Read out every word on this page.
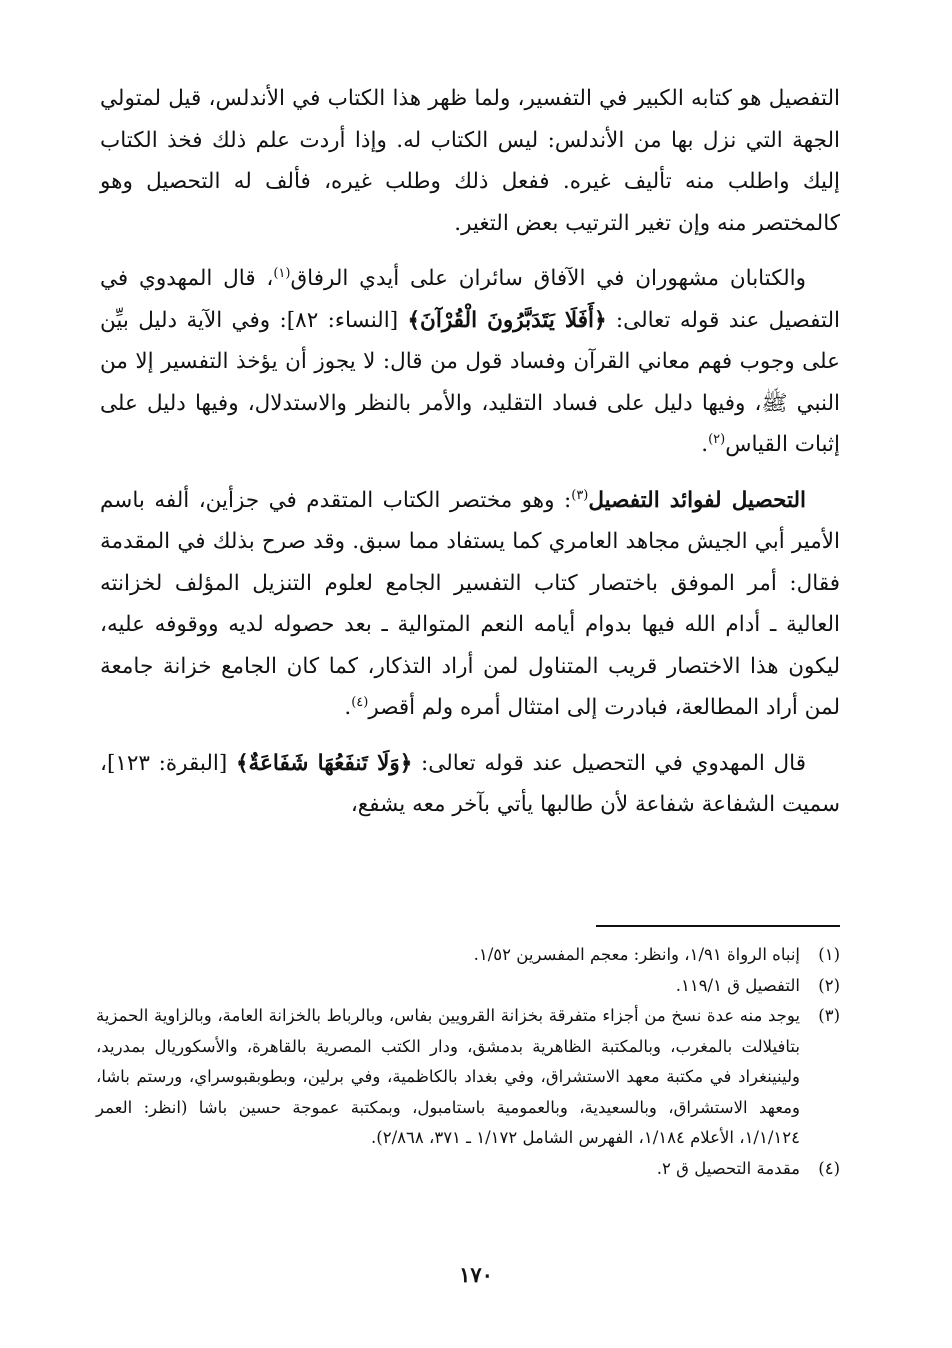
التفصيل هو كتابه الكبير في التفسير، ولما ظهر هذا الكتاب في الأندلس، قيل لمتولي الجهة التي نزل بها من الأندلس: ليس الكتاب له. وإذا أردت علم ذلك فخذ الكتاب إليك واطلب منه تأليف غيره. ففعل ذلك وطلب غيره، فألف له التحصيل وهو كالمختصر منه وإن تغير الترتيب بعض التغير.

والكتابان مشهوران في الآفاق سائران على أيدي الرفاق$^{(١)}$، قال المهدوي في التفصيل عند قوله تعالى: ﴿أَفَلَا يَتَدَبَّرُونَ الْقُرْآنَ﴾ [النساء: ٨٢]: وفي الآية دليل بيِّن على وجوب فهم معاني القرآن وفساد قول من قال: لا يجوز أن يؤخذ التفسير إلا من النبي ﷺ، وفيها دليل على فساد التقليد، والأمر بالنظر والاستدلال، وفيها دليل على إثبات القياس$^{(٢)}$.

التحصيل لفوائد التفصيل$^{(٣)}$: وهو مختصر الكتاب المتقدم في جزأين، ألفه باسم الأمير أبي الجيش مجاهد العامري كما يستفاد مما سبق. وقد صرح بذلك في المقدمة فقال: أمر الموفق باختصار كتاب التفسير الجامع لعلوم التنزيل المؤلف لخزانته العالية ـ أدام الله فيها بدوام أيامه النعم المتوالية ـ بعد حصوله لديه ووقوفه عليه، ليكون هذا الاختصار قريب المتناول لمن أراد التذكار، كما كان الجامع خزانة جامعة لمن أراد المطالعة، فبادرت إلى امتثال أمره ولم أقصر$^{(٤)}$.

قال المهدوي في التحصيل عند قوله تعالى: ﴿وَلَا تَنفَعُهَا شَفَاعَةٌ﴾ [البقرة: ١٢٣]، سميت الشفاعة شفاعة لأن طالبها يأتي بآخر معه يشفع،

(١)
إنباه الرواة ١/٩١، وانظر: معجم المفسرين ١/٥٢.
(٢)
التفصيل ق ١١٩/١.
(٣)
يوجد منه عدة نسخ من أجزاء متفرقة بخزانة القرويين بفاس، وبالرباط بالخزانة العامة، وبالزاوية الحمزية بتافيلالت بالمغرب، وبالمكتبة الظاهرية بدمشق، ودار الكتب المصرية بالقاهرة، والأسكوريال بمدريد، ولينينغراد في مكتبة معهد الاستشراق، وفي بغداد بالكاظمية، وفي برلين، وبطوبقبوسراي، ورستم باشا، ومعهد الاستشراق، وبالسعيدية، وبالعمومية باستامبول، وبمكتبة عموجة حسين باشا (انظر: العمر ١/١/١٢٤، الأعلام ١/١٨٤، الفهرس الشامل ١/١٧٢ ـ ٣٧١، ٢/٨٦٨).
(٤)
مقدمة التحصيل ق ٢.
١٧٠
